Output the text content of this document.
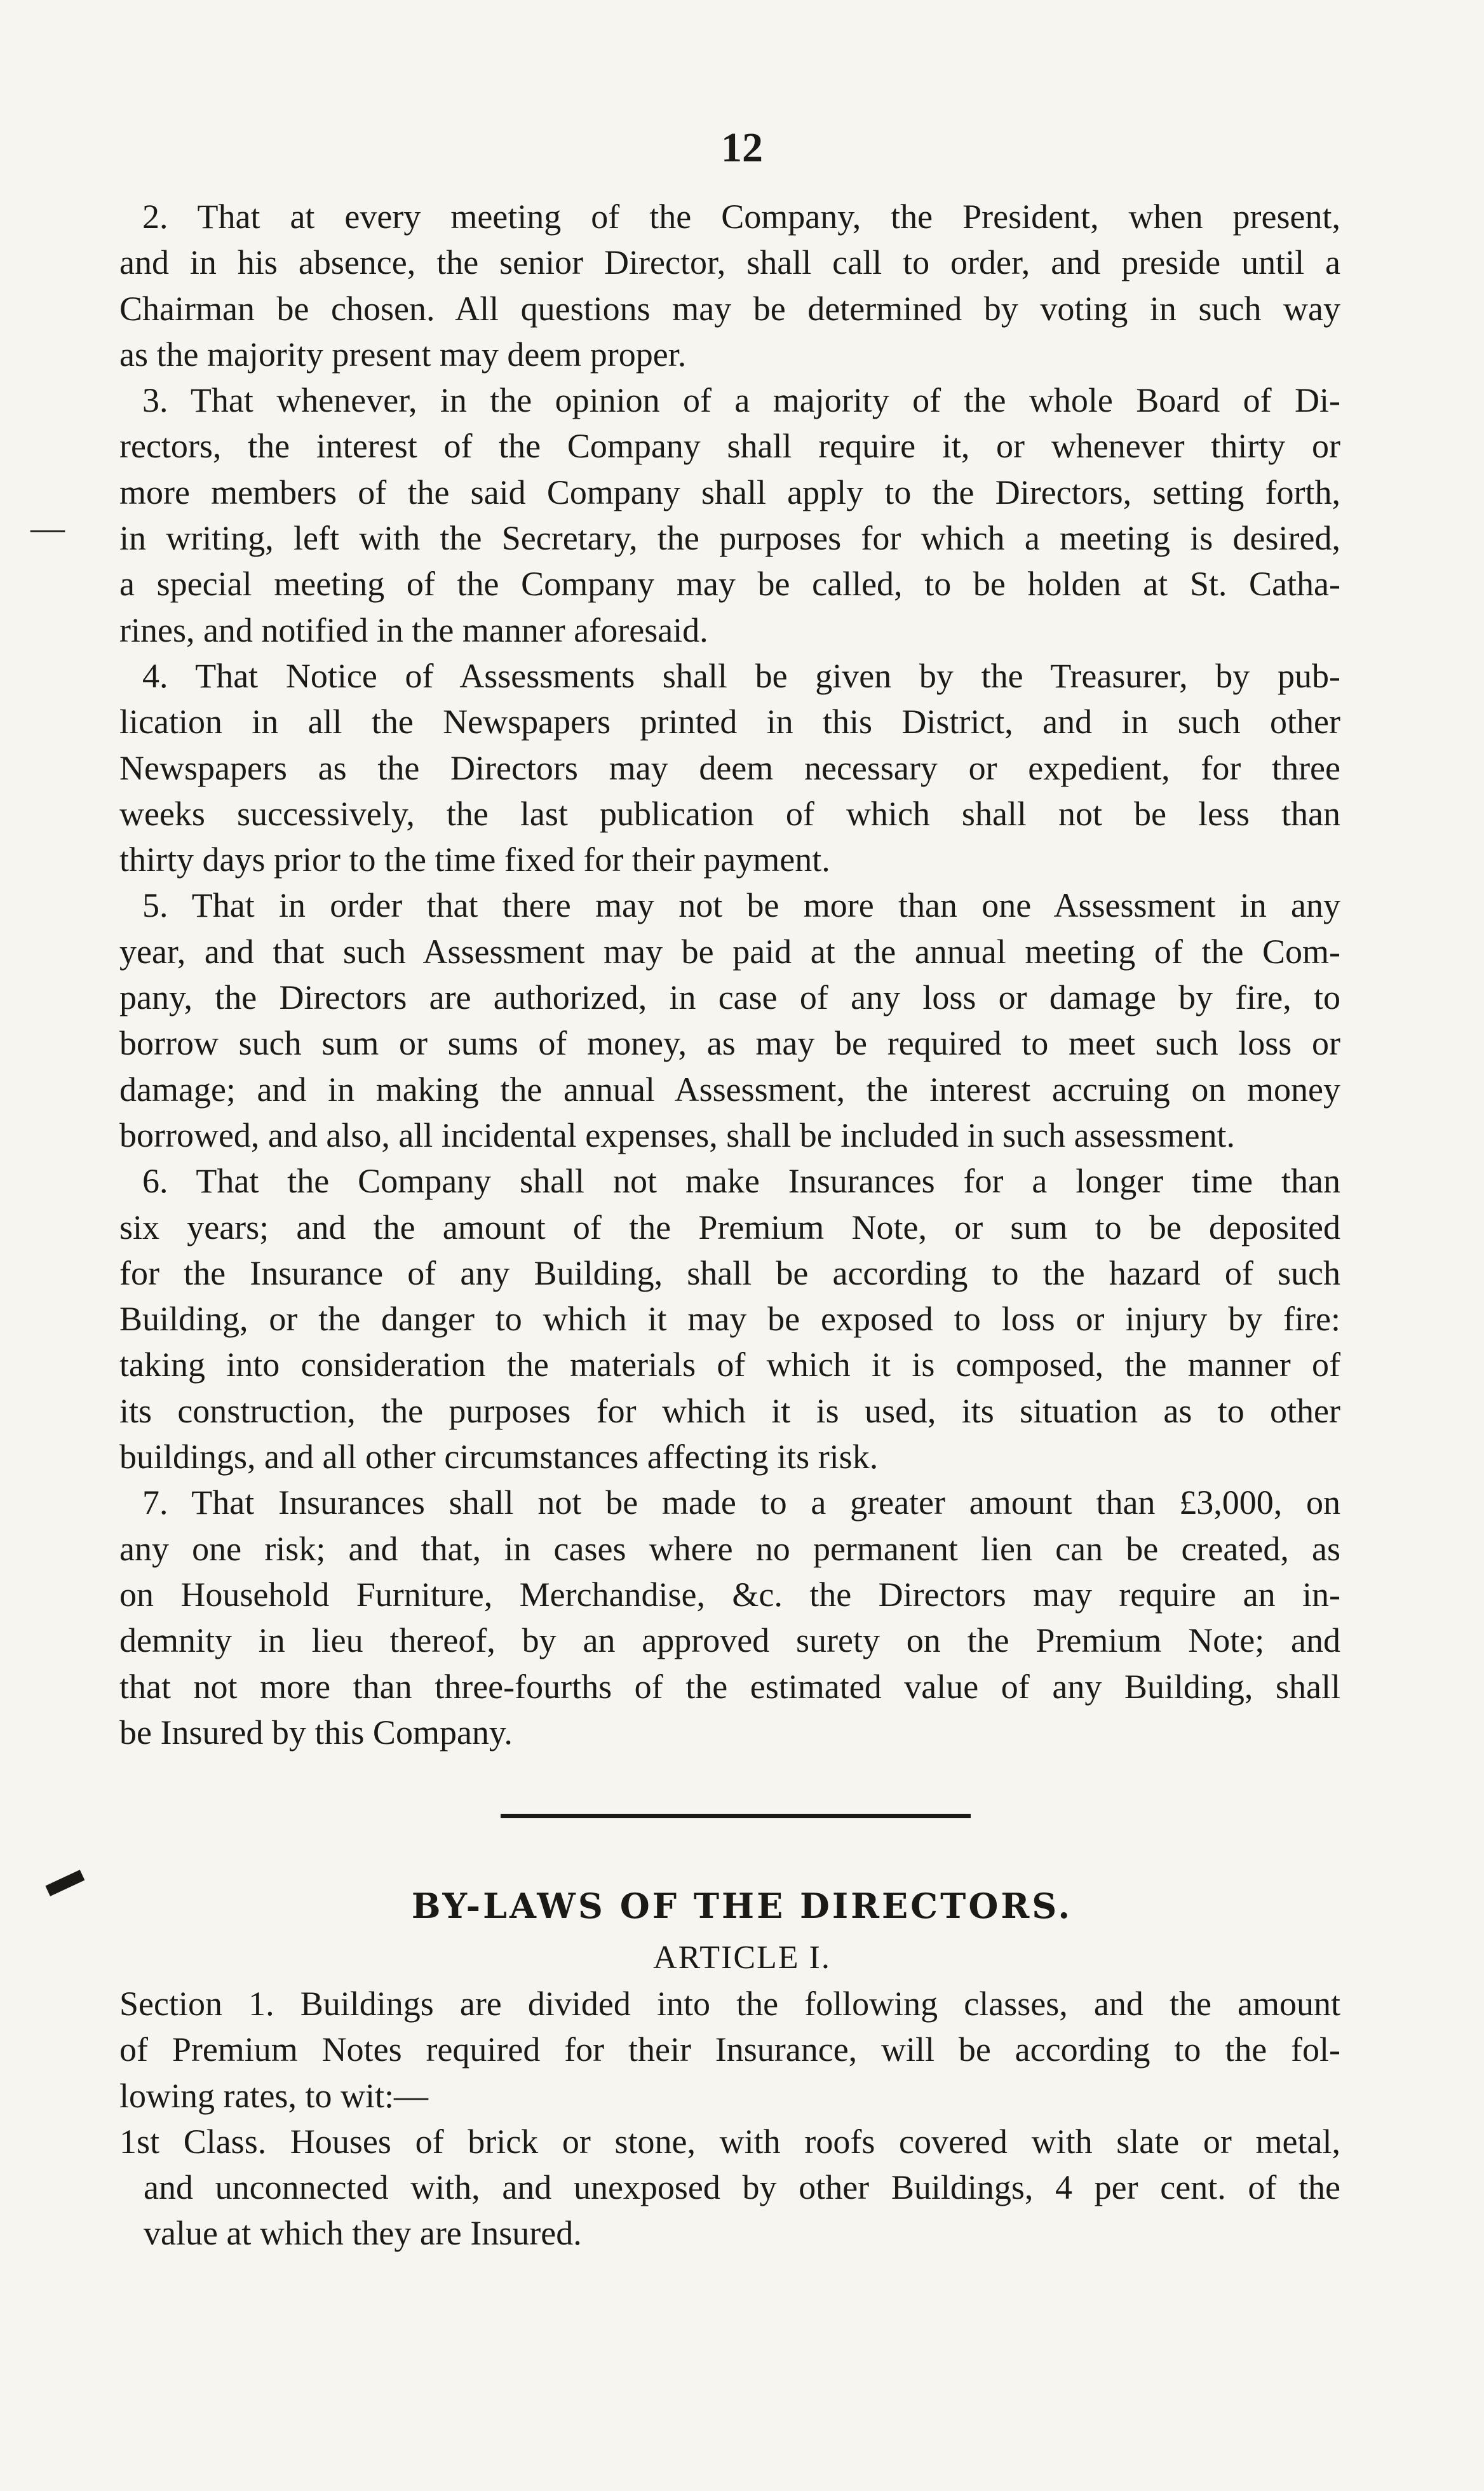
12
2. That at every meeting of the Company, the President, when present,
and in his absence, the senior Director, shall call to order, and preside until a
Chairman be chosen. All questions may be determined by voting in such way
as the majority present may deem proper.
3. That whenever, in the opinion of a majority of the whole Board of Di-
rectors, the interest of the Company shall require it, or whenever thirty or
more members of the said Company shall apply to the Directors, setting forth,
in writing, left with the Secretary, the purposes for which a meeting is desired,
a special meeting of the Company may be called, to be holden at St. Catha-
rines, and notified in the manner aforesaid.
4. That Notice of Assessments shall be given by the Treasurer, by pub-
lication in all the Newspapers printed in this District, and in such other
Newspapers as the Directors may deem necessary or expedient, for three
weeks successively, the last publication of which shall not be less than
thirty days prior to the time fixed for their payment.
5. That in order that there may not be more than one Assessment in any
year, and that such Assessment may be paid at the annual meeting of the Com-
pany, the Directors are authorized, in case of any loss or damage by fire, to
borrow such sum or sums of money, as may be required to meet such loss or
damage; and in making the annual Assessment, the interest accruing on money
borrowed, and also, all incidental expenses, shall be included in such assessment.
6. That the Company shall not make Insurances for a longer time than
six years; and the amount of the Premium Note, or sum to be deposited
for the Insurance of any Building, shall be according to the hazard of such
Building, or the danger to which it may be exposed to loss or injury by fire:
taking into consideration the materials of which it is composed, the manner of
its construction, the purposes for which it is used, its situation as to other
buildings, and all other circumstances affecting its risk.
7. That Insurances shall not be made to a greater amount than £3,000, on
any one risk; and that, in cases where no permanent lien can be created, as
on Household Furniture, Merchandise, &c. the Directors may require an in-
demnity in lieu thereof, by an approved surety on the Premium Note; and
that not more than three-fourths of the estimated value of any Building, shall
be Insured by this Company.
BY-LAWS OF THE DIRECTORS.
ARTICLE I.
Section 1. Buildings are divided into the following classes, and the amount
of Premium Notes required for their Insurance, will be according to the fol-
lowing rates, to wit:—
1st Class. Houses of brick or stone, with roofs covered with slate or metal,
and unconnected with, and unexposed by other Buildings, 4 per cent. of the
value at which they are Insured.
—
▬
